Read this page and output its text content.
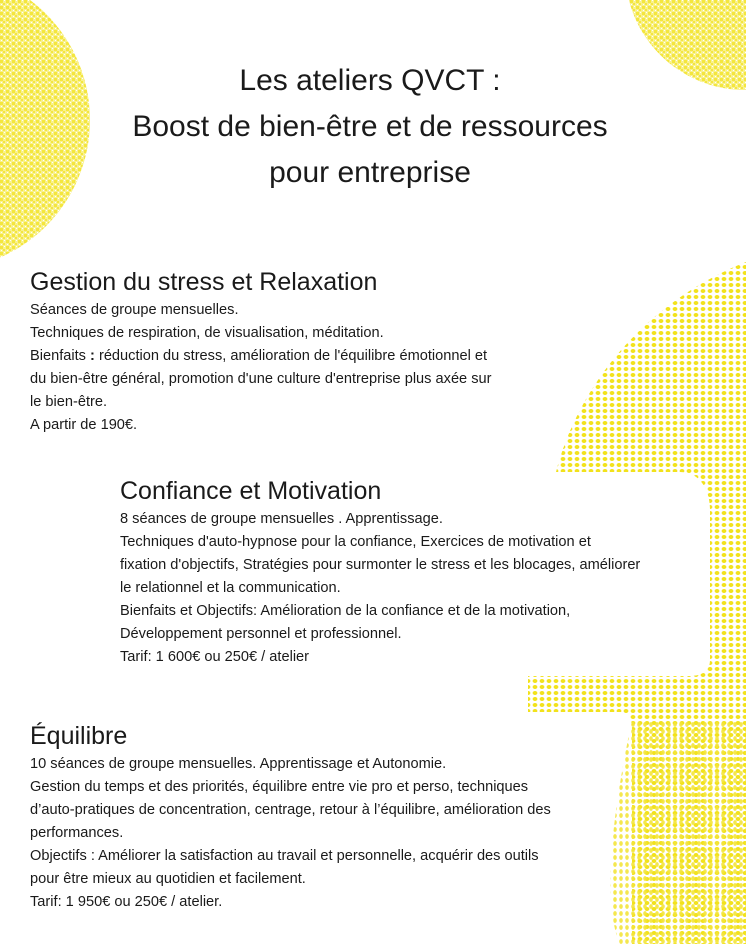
Les ateliers QVCT :
Boost de bien-être et de ressources
pour entreprise
Gestion du stress et Relaxation
Séances de groupe mensuelles.
Techniques de respiration, de visualisation, méditation.
Bienfaits : réduction du stress, amélioration de l'équilibre émotionnel et
du bien-être général, promotion d'une culture d'entreprise plus axée sur
le bien-être.
A partir de 190€.
Confiance et Motivation
8 séances de groupe mensuelles . Apprentissage.
Techniques d'auto-hypnose pour la confiance, Exercices de motivation et
fixation d'objectifs, Stratégies pour surmonter le stress et les blocages, améliorer
le relationnel et la communication.
Bienfaits et Objectifs: Amélioration de la confiance et de la motivation,
Développement personnel et professionnel.
Tarif: 1 600€ ou 250€ / atelier
Équilibre
10 séances de groupe mensuelles. Apprentissage et Autonomie.
Gestion du temps et des priorités, équilibre entre vie pro et perso, techniques
d’auto-pratiques de concentration, centrage, retour à l’équilibre, amélioration des
performances.
Objectifs : Améliorer la satisfaction au travail et personnelle, acquérir des outils
pour être mieux au quotidien et facilement.
Tarif: 1 950€ ou 250€ / atelier.
